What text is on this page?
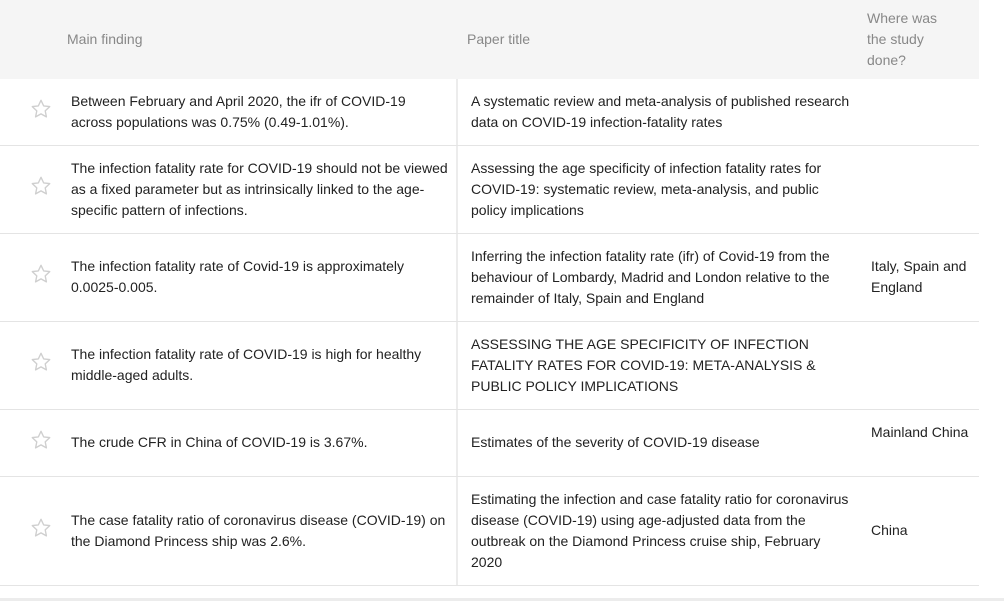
Main finding	Paper title
Where was the study done?
Between February and April 2020, the ifr of COVID-19 across populations was 0.75% (0.49-1.01%).
A systematic review and meta-analysis of published research data on COVID-19 infection-fatality rates
The infection fatality rate for COVID-19 should not be viewed as a fixed parameter but as intrinsically linked to the age-specific pattern of infections.
Assessing the age specificity of infection fatality rates for COVID-19: systematic review, meta-analysis, and public policy implications
The infection fatality rate of Covid-19 is approximately 0.0025-0.005.
Inferring the infection fatality rate (ifr) of Covid-19 from the behaviour of Lombardy, Madrid and London relative to the remainder of Italy, Spain and England
Italy, Spain and England
The infection fatality rate of COVID-19 is high for healthy middle-aged adults.
ASSESSING THE AGE SPECIFICITY OF INFECTION FATALITY RATES FOR COVID-19: META-ANALYSIS & PUBLIC POLICY IMPLICATIONS
The crude CFR in China of COVID-19 is 3.67%.	Estimates of the severity of COVID-19 disease
Mainland China
The case fatality ratio of coronavirus disease (COVID-19) on the Diamond Princess ship was 2.6%.
Estimating the infection and case fatality ratio for coronavirus disease (COVID-19) using age-adjusted data from the outbreak on the Diamond Princess cruise ship, February 2020
China
